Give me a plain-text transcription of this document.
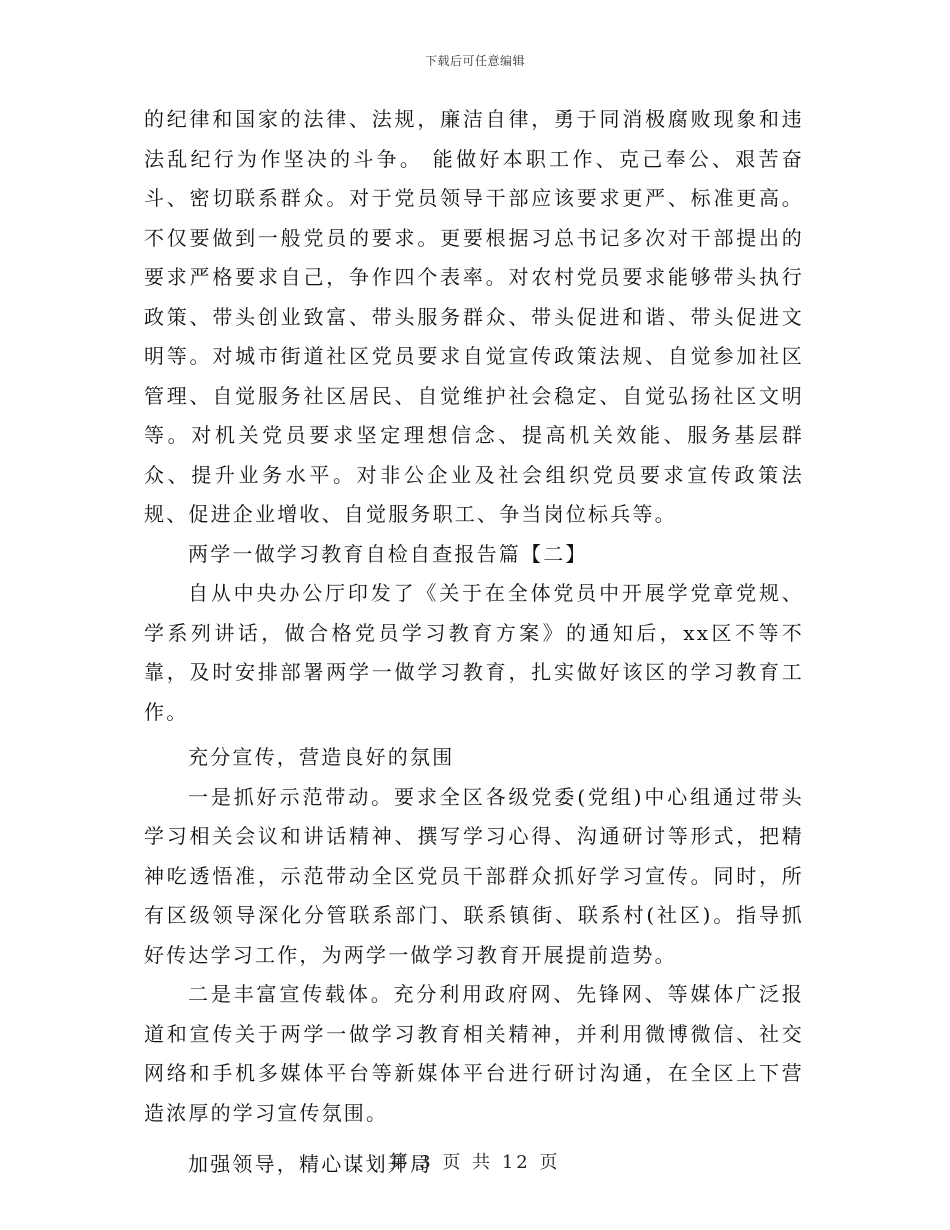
下载后可任意编辑

的纪律和国家的法律、法规，廉洁自律，勇于同消极腐败现象和违法乱纪行为作坚决的斗争。 能做好本职工作、克己奉公、艰苦奋斗、密切联系群众。对于党员领导干部应该要求更严、标准更高。不仅要做到一般党员的要求。更要根据习总书记多次对干部提出的要求严格要求自己，争作四个表率。对农村党员要求能够带头执行政策、带头创业致富、带头服务群众、带头促进和谐、带头促进文明等。对城市街道社区党员要求自觉宣传政策法规、自觉参加社区管理、自觉服务社区居民、自觉维护社会稳定、自觉弘扬社区文明等。对机关党员要求坚定理想信念、提高机关效能、服务基层群众、提升业务水平。对非公企业及社会组织党员要求宣传政策法规、促进企业增收、自觉服务职工、争当岗位标兵等。

两学一做学习教育自检自查报告篇【二】

自从中央办公厅印发了《关于在全体党员中开展学党章党规、学系列讲话，做合格党员学习教育方案》的通知后，xx区不等不靠，及时安排部署两学一做学习教育，扎实做好该区的学习教育工作。

充分宣传，营造良好的氛围

一是抓好示范带动。要求全区各级党委(党组)中心组通过带头学习相关会议和讲话精神、撰写学习心得、沟通研讨等形式，把精神吃透悟准，示范带动全区党员干部群众抓好学习宣传。同时，所有区级领导深化分管联系部门、联系镇街、联系村(社区)。指导抓好传达学习工作，为两学一做学习教育开展提前造势。

二是丰富宣传载体。充分利用政府网、先锋网、等媒体广泛报道和宣传关于两学一做学习教育相关精神，并利用微博微信、社交网络和手机多媒体平台等新媒体平台进行研讨沟通，在全区上下营造浓厚的学习宣传氛围。

加强领导，精心谋划开局

第 3 页 共 12 页
